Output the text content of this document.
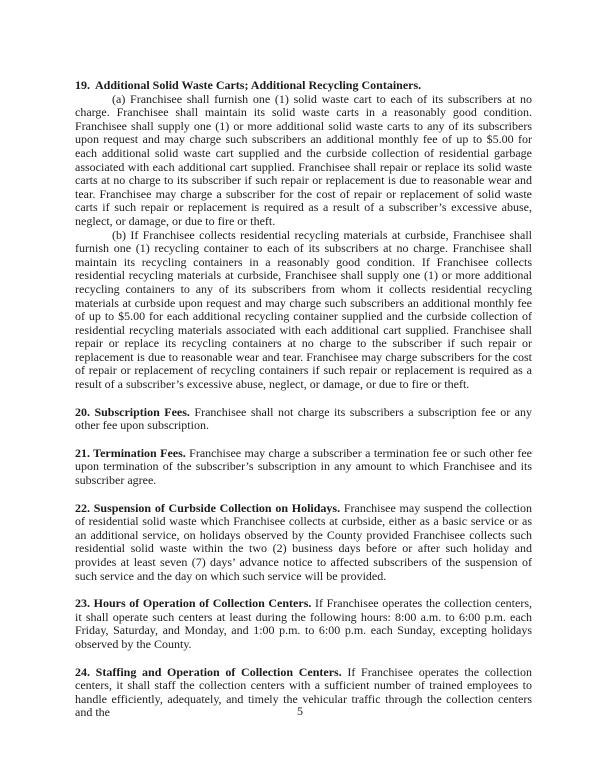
19. Additional Solid Waste Carts; Additional Recycling Containers.

(a) Franchisee shall furnish one (1) solid waste cart to each of its subscribers at no charge. Franchisee shall maintain its solid waste carts in a reasonably good condition. Franchisee shall supply one (1) or more additional solid waste carts to any of its subscribers upon request and may charge such subscribers an additional monthly fee of up to $5.00 for each additional solid waste cart supplied and the curbside collection of residential garbage associated with each additional cart supplied. Franchisee shall repair or replace its solid waste carts at no charge to its subscriber if such repair or replacement is due to reasonable wear and tear. Franchisee may charge a subscriber for the cost of repair or replacement of solid waste carts if such repair or replacement is required as a result of a subscriber’s excessive abuse, neglect, or damage, or due to fire or theft.

(b) If Franchisee collects residential recycling materials at curbside, Franchisee shall furnish one (1) recycling container to each of its subscribers at no charge. Franchisee shall maintain its recycling containers in a reasonably good condition. If Franchisee collects residential recycling materials at curbside, Franchisee shall supply one (1) or more additional recycling containers to any of its subscribers from whom it collects residential recycling materials at curbside upon request and may charge such subscribers an additional monthly fee of up to $5.00 for each additional recycling container supplied and the curbside collection of residential recycling materials associated with each additional cart supplied. Franchisee shall repair or replace its recycling containers at no charge to the subscriber if such repair or replacement is due to reasonable wear and tear. Franchisee may charge subscribers for the cost of repair or replacement of recycling containers if such repair or replacement is required as a result of a subscriber’s excessive abuse, neglect, or damage, or due to fire or theft.

20. Subscription Fees. Franchisee shall not charge its subscribers a subscription fee or any other fee upon subscription.

21. Termination Fees. Franchisee may charge a subscriber a termination fee or such other fee upon termination of the subscriber’s subscription in any amount to which Franchisee and its subscriber agree.

22. Suspension of Curbside Collection on Holidays. Franchisee may suspend the collection of residential solid waste which Franchisee collects at curbside, either as a basic service or as an additional service, on holidays observed by the County provided Franchisee collects such residential solid waste within the two (2) business days before or after such holiday and provides at least seven (7) days’ advance notice to affected subscribers of the suspension of such service and the day on which such service will be provided.

23. Hours of Operation of Collection Centers. If Franchisee operates the collection centers, it shall operate such centers at least during the following hours: 8:00 a.m. to 6:00 p.m. each Friday, Saturday, and Monday, and 1:00 p.m. to 6:00 p.m. each Sunday, excepting holidays observed by the County.

24. Staffing and Operation of Collection Centers. If Franchisee operates the collection centers, it shall staff the collection centers with a sufficient number of trained employees to handle efficiently, adequately, and timely the vehicular traffic through the collection centers and the	5
